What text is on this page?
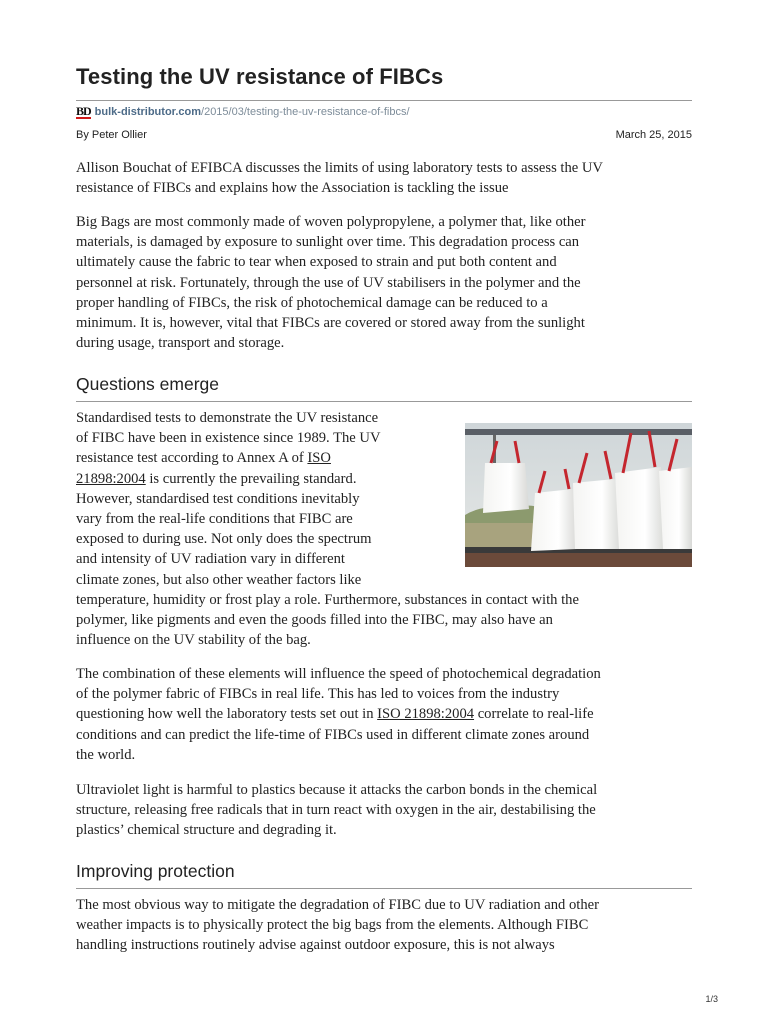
Testing the UV resistance of FIBCs
BD bulk-distributor.com /2015/03/testing-the-uv-resistance-of-fibcs/
By Peter Ollier	March 25, 2015

Allison Bouchat of EFIBCA discusses the limits of using laboratory tests to assess the UV
resistance of FIBCs and explains how the Association is tackling the issue

Big Bags are most commonly made of woven polypropylene, a polymer that, like other
materials, is damaged by exposure to sunlight over time. This degradation process can
ultimately cause the fabric to tear when exposed to strain and put both content and
personnel at risk. Fortunately, through the use of UV stabilisers in the polymer and the
proper handling of FIBCs, the risk of photochemical damage can be reduced to a
minimum. It is, however, vital that FIBCs are covered or stored away from the sunlight
during usage, transport and storage.

Questions emerge

Standardised tests to demonstrate the UV resistance
of FIBC have been in existence since 1989. The UV
resistance test according to Annex A of ISO
21898:2004 is currently the prevailing standard.
However, standardised test conditions inevitably
vary from the real-life conditions that FIBC are
exposed to during use. Not only does the spectrum
and intensity of UV radiation vary in different
climate zones, but also other weather factors like
temperature, humidity or frost play a role. Furthermore, substances in contact with the
polymer, like pigments and even the goods filled into the FIBC, may also have an
influence on the UV stability of the bag.

The combination of these elements will influence the speed of photochemical degradation
of the polymer fabric of FIBCs in real life. This has led to voices from the industry
questioning how well the laboratory tests set out in ISO 21898:2004 correlate to real-life
conditions and can predict the life-time of FIBCs used in different climate zones around
the world.

Ultraviolet light is harmful to plastics because it attacks the carbon bonds in the chemical
structure, releasing free radicals that in turn react with oxygen in the air, destabilising the
plastics’ chemical structure and degrading it.

Improving protection

The most obvious way to mitigate the degradation of FIBC due to UV radiation and other
weather impacts is to physically protect the big bags from the elements. Although FIBC
handling instructions routinely advise against outdoor exposure, this is not always

1/3
